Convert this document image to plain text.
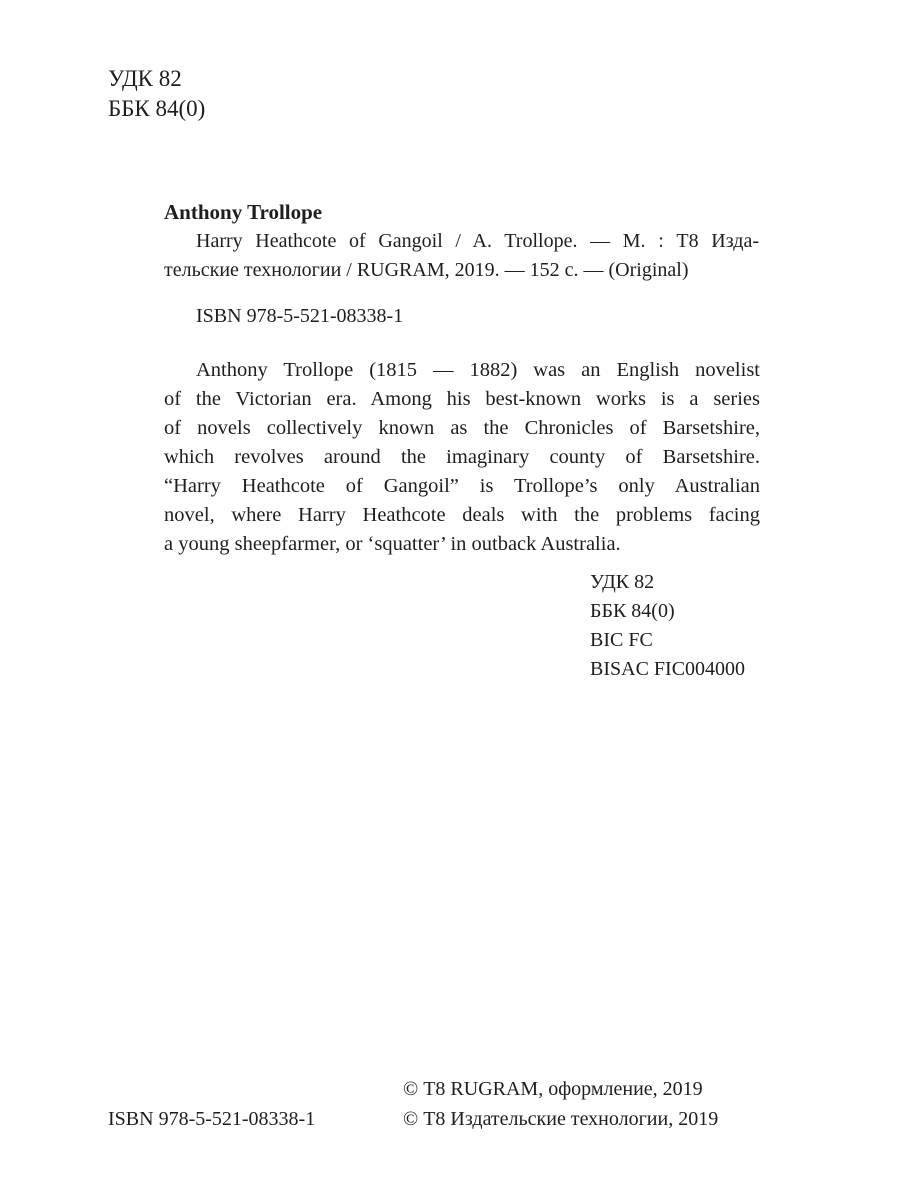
УДК 82
ББК 84(0)
Anthony Trollope
Harry Heathcote of Gangoil / A. Trollope. — М. : Т8 Изда-
тельские технологии / RUGRAM, 2019. — 152 с. — (Original)
ISBN 978-5-521-08338-1
Anthony Trollope (1815 — 1882) was an English novelist
of the Victorian era. Among his best-known works is a series
of novels collectively known as the Chronicles of Barsetshire,
which revolves around the imaginary county of Barsetshire.
“Harry Heathcote of Gangoil” is Trollope’s only Australian
novel, where Harry Heathcote deals with the problems facing
a young sheepfarmer, or ‘squatter’ in outback Australia.
УДК 82
ББК 84(0)
BIC FC
BISAC FIC004000
© Т8 RUGRAM, оформление, 2019
© Т8 Издательские технологии, 2019
ISBN 978-5-521-08338-1
